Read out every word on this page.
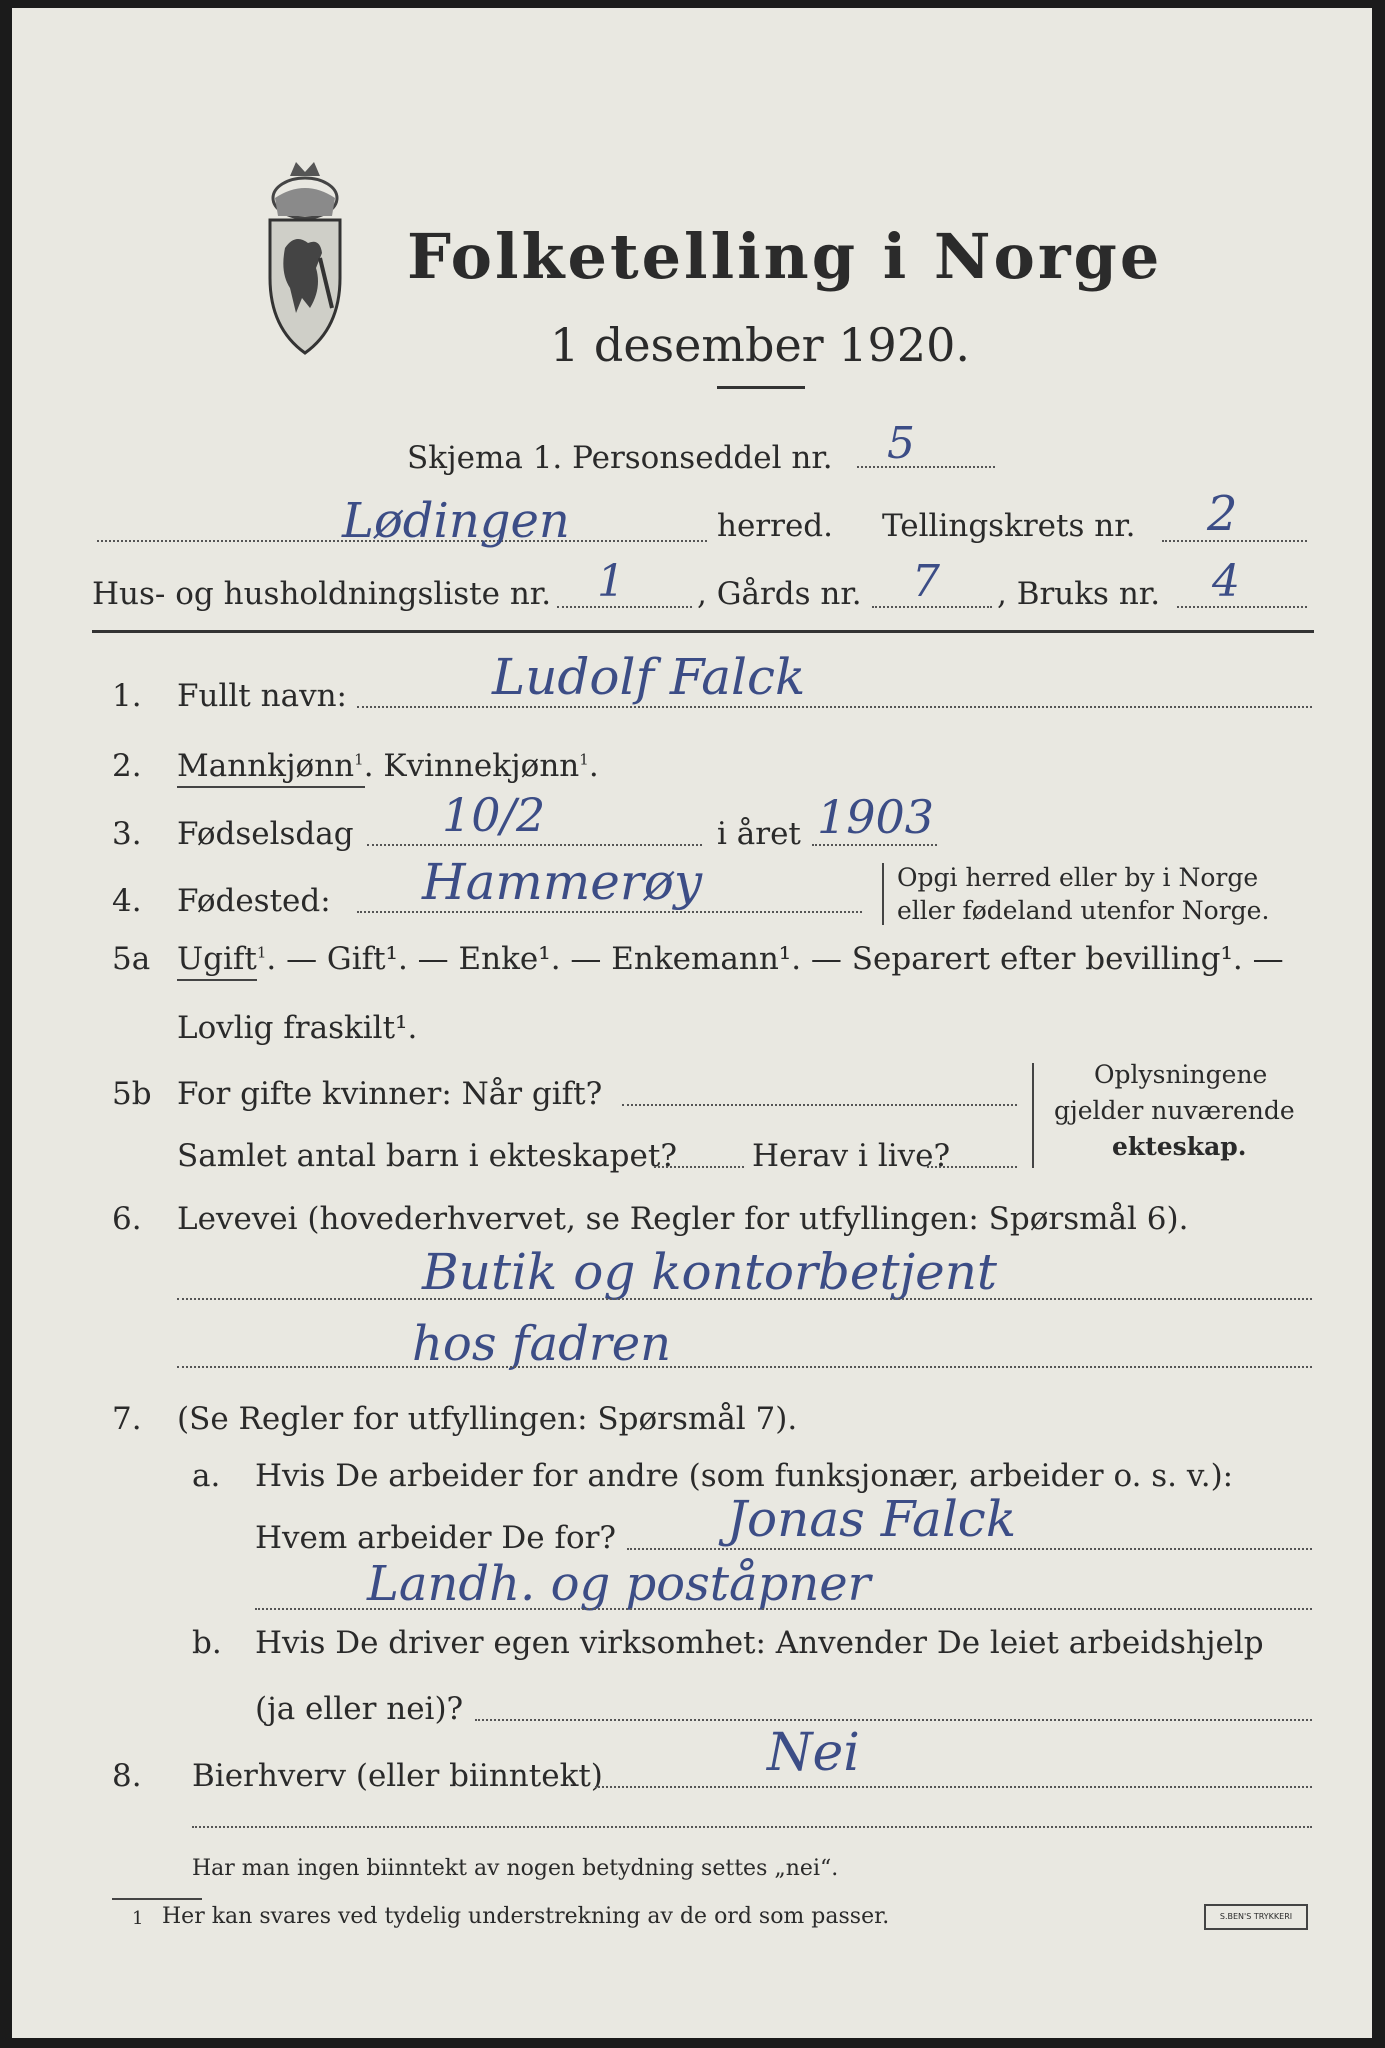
Folketelling i Norge
1 desember 1920.
Skjema 1. Personseddel nr. 5
Lødingen	herred. Tellingskrets nr. 2
Hus- og husholdningsliste nr. 1 , Gårds nr. 7 , Bruks nr. 4
1. Fullt navn:	Ludolf Falck
2. Mannkjønn$^1$. Kvinnekjønn$^1$.
3. Fødselsdag 10/2	i året 1903
4. Fødested: Hammerøy	Opgi herred eller by i Norge
eller fødeland utenfor Norge.
5a Ugift$^1$. — Gift¹. — Enke¹. — Enkemann¹. — Separert efter bevilling¹. —
Lovlig fraskilt¹.
5b For gifte kvinner: Når gift?
Samlet antal barn i ekteskapet? Herav i live?
Oplysningene
gjelder nuværende
ekteskap.
6. Levevei (hovederhvervet, se Regler for utfyllingen: Spørsmål 6).
Butik og kontorbetjent
hos fadren
7. (Se Regler for utfyllingen: Spørsmål 7).
a. Hvis De arbeider for andre (som funksjonær, arbeider o. s. v.):
Hvem arbeider De for? Jonas Falck
Landh. og poståpner
b. Hvis De driver egen virksomhet: Anvender De leiet arbeidshjelp
(ja eller nei)?
8. Bierhverv (eller biinntekt)	Nei
Har man ingen biinntekt av nogen betydning settes „nei“.
1 Her kan svares ved tydelig understrekning av de ord som passer.	S.BEN'S TRYKKERI
